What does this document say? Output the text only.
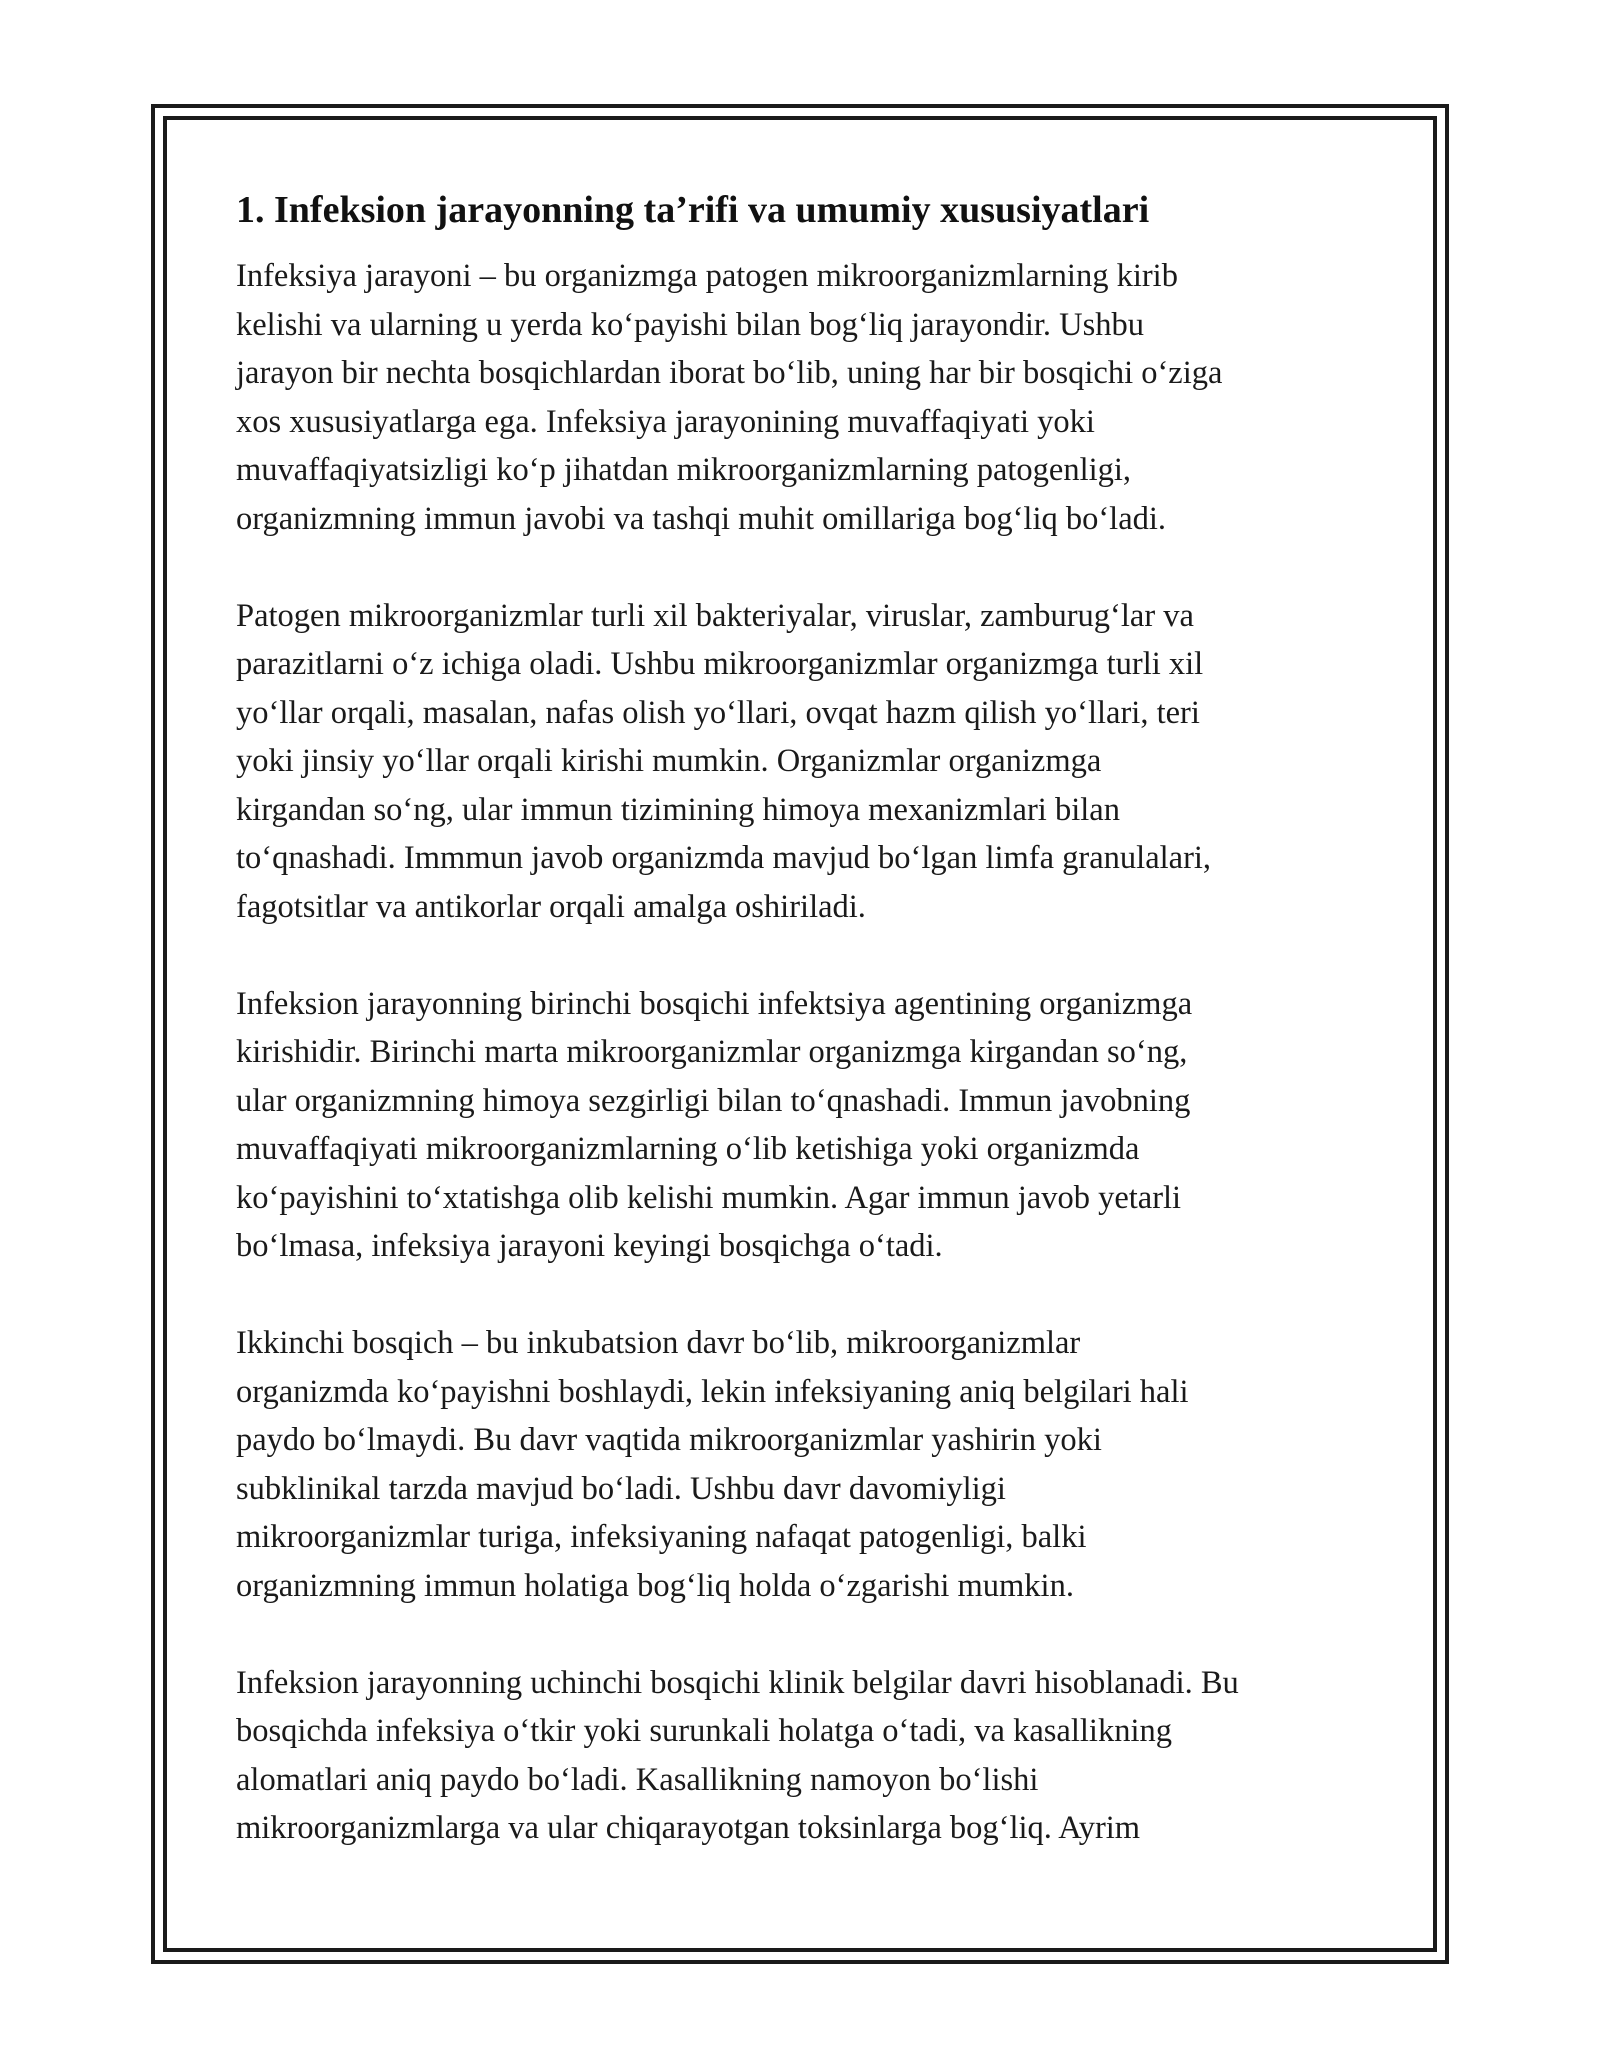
1. Infeksion jarayonning ta’rifi va umumiy xususiyatlari
Infeksiya jarayoni – bu organizmga patogen mikroorganizmlarning kirib
kelishi va ularning u yerda koʻpayishi bilan bogʻliq jarayondir. Ushbu
jarayon bir nechta bosqichlardan iborat boʻlib, uning har bir bosqichi oʻziga
xos xususiyatlarga ega. Infeksiya jarayonining muvaffaqiyati yoki
muvaffaqiyatsizligi koʻp jihatdan mikroorganizmlarning patogenligi,
organizmning immun javobi va tashqi muhit omillariga bogʻliq boʻladi.
Patogen mikroorganizmlar turli xil bakteriyalar, viruslar, zamburugʻlar va
parazitlarni oʻz ichiga oladi. Ushbu mikroorganizmlar organizmga turli xil
yoʻllar orqali, masalan, nafas olish yoʻllari, ovqat hazm qilish yoʻllari, teri
yoki jinsiy yoʻllar orqali kirishi mumkin. Organizmlar organizmga
kirgandan soʻng, ular immun tizimining himoya mexanizmlari bilan
toʻqnashadi. Immmun javob organizmda mavjud boʻlgan limfa granulalari,
fagotsitlar va antikorlar orqali amalga oshiriladi.
Infeksion jarayonning birinchi bosqichi infektsiya agentining organizmga
kirishidir. Birinchi marta mikroorganizmlar organizmga kirgandan soʻng,
ular organizmning himoya sezgirligi bilan toʻqnashadi. Immun javobning
muvaffaqiyati mikroorganizmlarning oʻlib ketishiga yoki organizmda
koʻpayishini toʻxtatishga olib kelishi mumkin. Agar immun javob yetarli
boʻlmasa, infeksiya jarayoni keyingi bosqichga oʻtadi.
Ikkinchi bosqich – bu inkubatsion davr boʻlib, mikroorganizmlar
organizmda koʻpayishni boshlaydi, lekin infeksiyaning aniq belgilari hali
paydo boʻlmaydi. Bu davr vaqtida mikroorganizmlar yashirin yoki
subklinikal tarzda mavjud boʻladi. Ushbu davr davomiyligi
mikroorganizmlar turiga, infeksiyaning nafaqat patogenligi, balki
organizmning immun holatiga bogʻliq holda oʻzgarishi mumkin.
Infeksion jarayonning uchinchi bosqichi klinik belgilar davri hisoblanadi. Bu
bosqichda infeksiya oʻtkir yoki surunkali holatga oʻtadi, va kasallikning
alomatlari aniq paydo boʻladi. Kasallikning namoyon boʻlishi
mikroorganizmlarga va ular chiqarayotgan toksinlarga bogʻliq. Ayrim
